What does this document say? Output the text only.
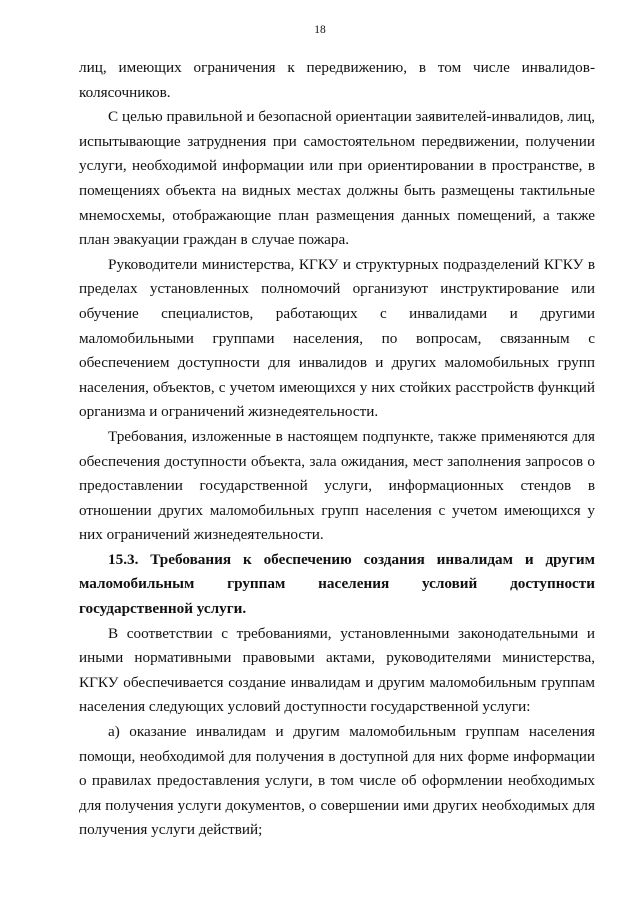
18

лиц, имеющих ограничения к передвижению, в том числе инвалидов-колясочников.

С целью правильной и безопасной ориентации заявителей-инвалидов, лиц, испытывающие затруднения при самостоятельном передвижении, получении услуги, необходимой информации или при ориентировании в пространстве, в помещениях объекта на видных местах должны быть размещены тактильные мнемосхемы, отображающие план размещения данных помещений, а также план эвакуации граждан в случае пожара.

Руководители министерства, КГКУ и структурных подразделений КГКУ в пределах установленных полномочий организуют инструктирование или обучение специалистов, работающих с инвалидами и другими маломобильными группами населения, по вопросам, связанным с обеспечением доступности для инвалидов и других маломобильных групп населения, объектов, с учетом имеющихся у них стойких расстройств функций организма и ограничений жизнедеятельности.

Требования, изложенные в настоящем подпункте, также применяются для обеспечения доступности объекта, зала ожидания, мест заполнения запросов о предоставлении государственной услуги, информационных стендов в отношении других маломобильных групп населения с учетом имеющихся у них ограничений жизнедеятельности.

15.3. Требования к обеспечению создания инвалидам и другим маломобильным группам населения условий доступности государственной услуги.

В соответствии с требованиями, установленными законодательными и иными нормативными правовыми актами, руководителями министерства, КГКУ обеспечивается создание инвалидам и другим маломобильным группам населения следующих условий доступности государственной услуги:

а) оказание инвалидам и другим маломобильным группам населения помощи, необходимой для получения в доступной для них форме информации о правилах предоставления услуги, в том числе об оформлении необходимых для получения услуги документов, о совершении ими других необходимых для получения услуги действий;
